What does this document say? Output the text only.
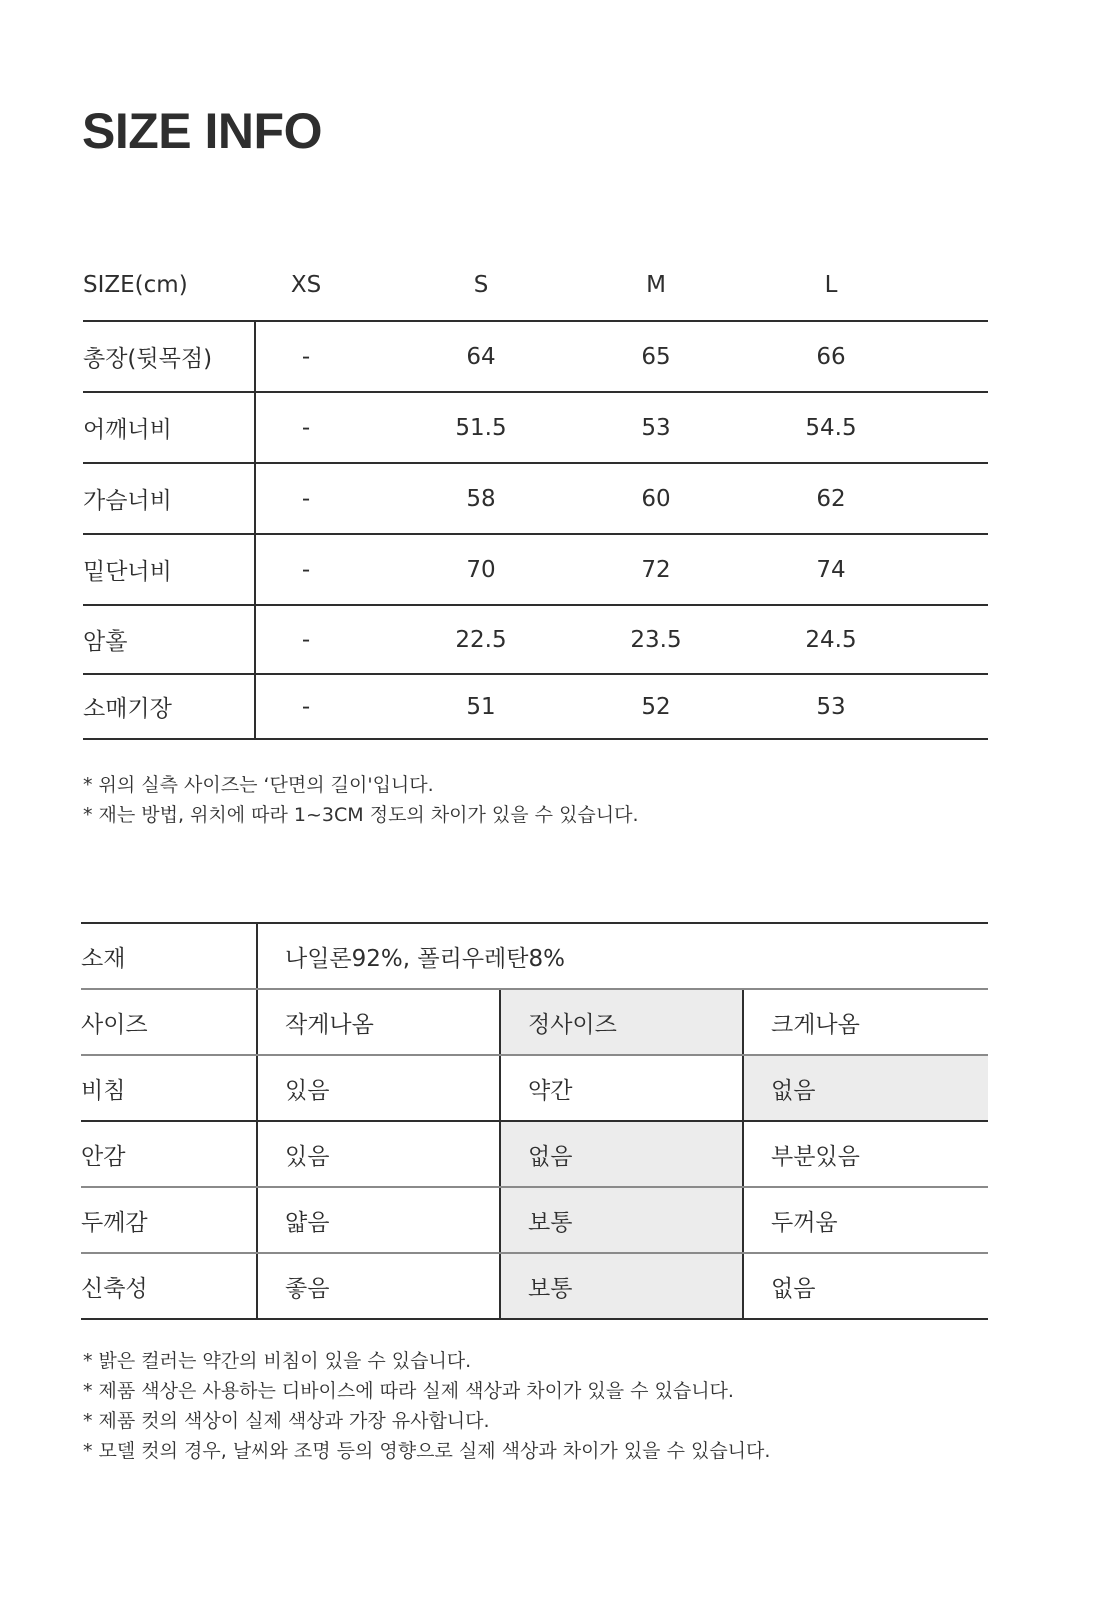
SIZE INFO
SIZE(cm)	XS	S	M	L
총장(뒷목점)	-	64	65	66
어깨너비	-	51.5	53	54.5
가슴너비	-	58	60	62
밑단너비	-	70	72	74
암홀	-	22.5	23.5	24.5
소매기장	-	51	52	53
* 위의 실측 사이즈는 ‘단면의 길이'입니다.
* 재는 방법, 위치에 따라 1~3CM 정도의 차이가 있을 수 있습니다.
소재	나일론92%, 폴리우레탄8%
사이즈	작게나옴	정사이즈	크게나옴
비침	있음	약간	없음
안감	있음	없음	부분있음
두께감	얇음	보통	두꺼움
신축성	좋음	보통	없음
* 밝은 컬러는 약간의 비침이 있을 수 있습니다.
* 제품 색상은 사용하는 디바이스에 따라 실제 색상과 차이가 있을 수 있습니다.
* 제품 컷의 색상이 실제 색상과 가장 유사합니다.
* 모델 컷의 경우, 날씨와 조명 등의 영향으로 실제 색상과 차이가 있을 수 있습니다.
